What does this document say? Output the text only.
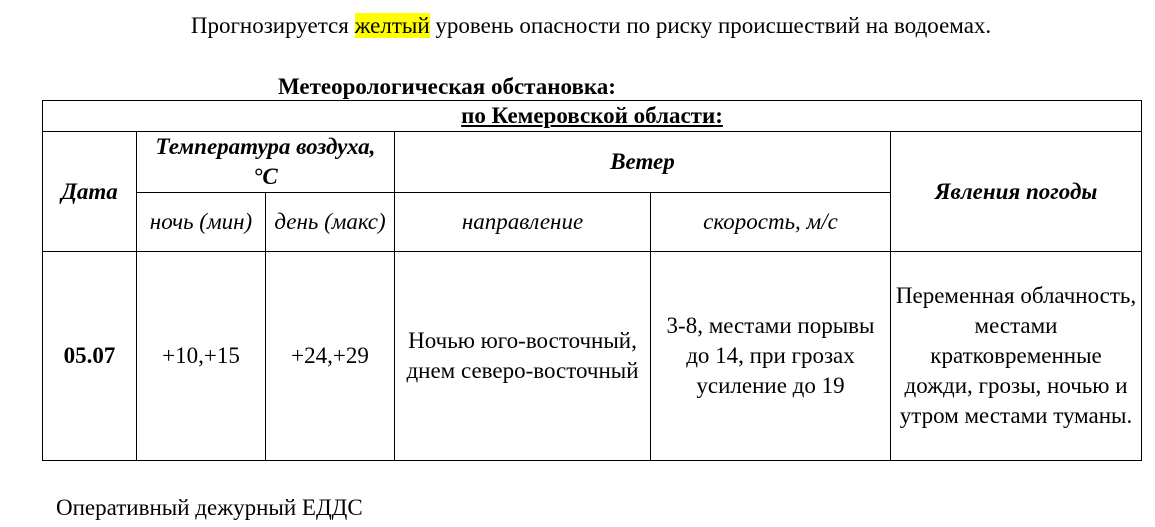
Прогнозируется желтый уровень опасности по риску происшествий на водоемах.
Метеорологическая обстановка:
по Кемеровской области:					
Дата	Температура воздуха, °С		Ветер		Явления погоды
	ночь (мин)	день (макс)	направление	скорость, м/с	
05.07	+10,+15	+24,+29	Ночью юго-восточный, днем северо-восточный	3-8, местами порывы до 14, при грозах усиление до 19	Переменная облачность, местами кратковременные дожди, грозы, ночью и утром местами туманы.
Оперативный дежурный ЕДДС
